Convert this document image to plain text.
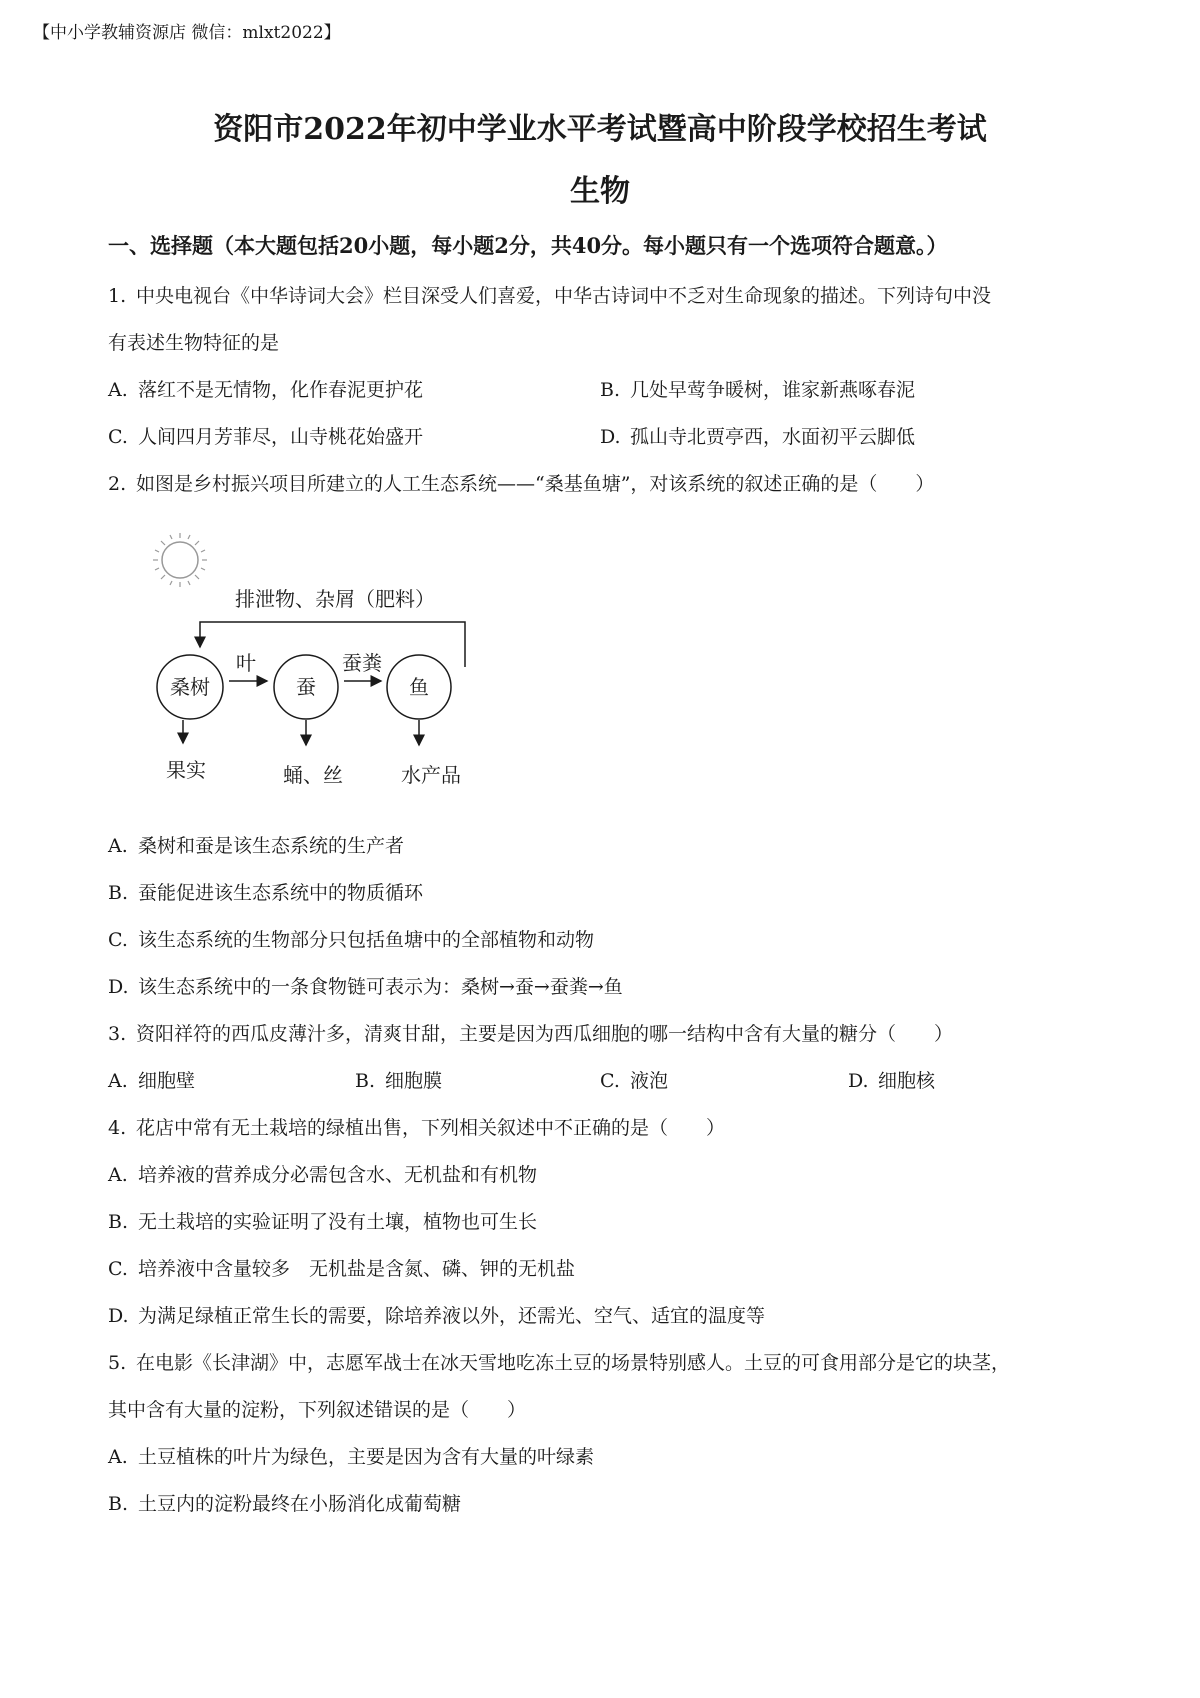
【中小学教辅资源店 微信：mlxt2022】
资阳市2022年初中学业水平考试暨高中阶段学校招生考试
生物
一、选择题（本大题包括20小题，每小题2分，共40分。每小题只有一个选项符合题意。）
1. 中央电视台《中华诗词大会》栏目深受人们喜爱，中华古诗词中不乏对生命现象的描述。下列诗句中没
有表述生物特征的是
A. 落红不是无情物，化作春泥更护花	B. 几处早莺争暖树，谁家新燕啄春泥
C. 人间四月芳菲尽，山寺桃花始盛开	D. 孤山寺北贾亭西，水面初平云脚低
2. 如图是乡村振兴项目所建立的人工生态系统——“桑基鱼塘”，对该系统的叙述正确的是（　　）
排泄物、杂屑（肥料）
桑树	蚕	鱼
叶	蚕粪
果实	蛹、丝	水产品
A. 桑树和蚕是该生态系统的生产者
B. 蚕能促进该生态系统中的物质循环
C. 该生态系统的生物部分只包括鱼塘中的全部植物和动物
D. 该生态系统中的一条食物链可表示为：桑树→蚕→蚕粪→鱼
3. 资阳祥符的西瓜皮薄汁多，清爽甘甜，主要是因为西瓜细胞的哪一结构中含有大量的糖分（　　）
A. 细胞壁	B. 细胞膜	C. 液泡	D. 细胞核
4. 花店中常有无土栽培的绿植出售，下列相关叙述中不正确的是（　　）
A. 培养液的营养成分必需包含水、无机盐和有机物
B. 无土栽培的实验证明了没有土壤，植物也可生长
C. 培养液中含量较多　无机盐是含氮、磷、钾的无机盐
D. 为满足绿植正常生长的需要，除培养液以外，还需光、空气、适宜的温度等
5. 在电影《长津湖》中，志愿军战士在冰天雪地吃冻土豆的场景特别感人。土豆的可食用部分是它的块茎，
其中含有大量的淀粉，下列叙述错误的是（　　）
A. 土豆植株的叶片为绿色，主要是因为含有大量的叶绿素
B. 土豆内的淀粉最终在小肠消化成葡萄糖
